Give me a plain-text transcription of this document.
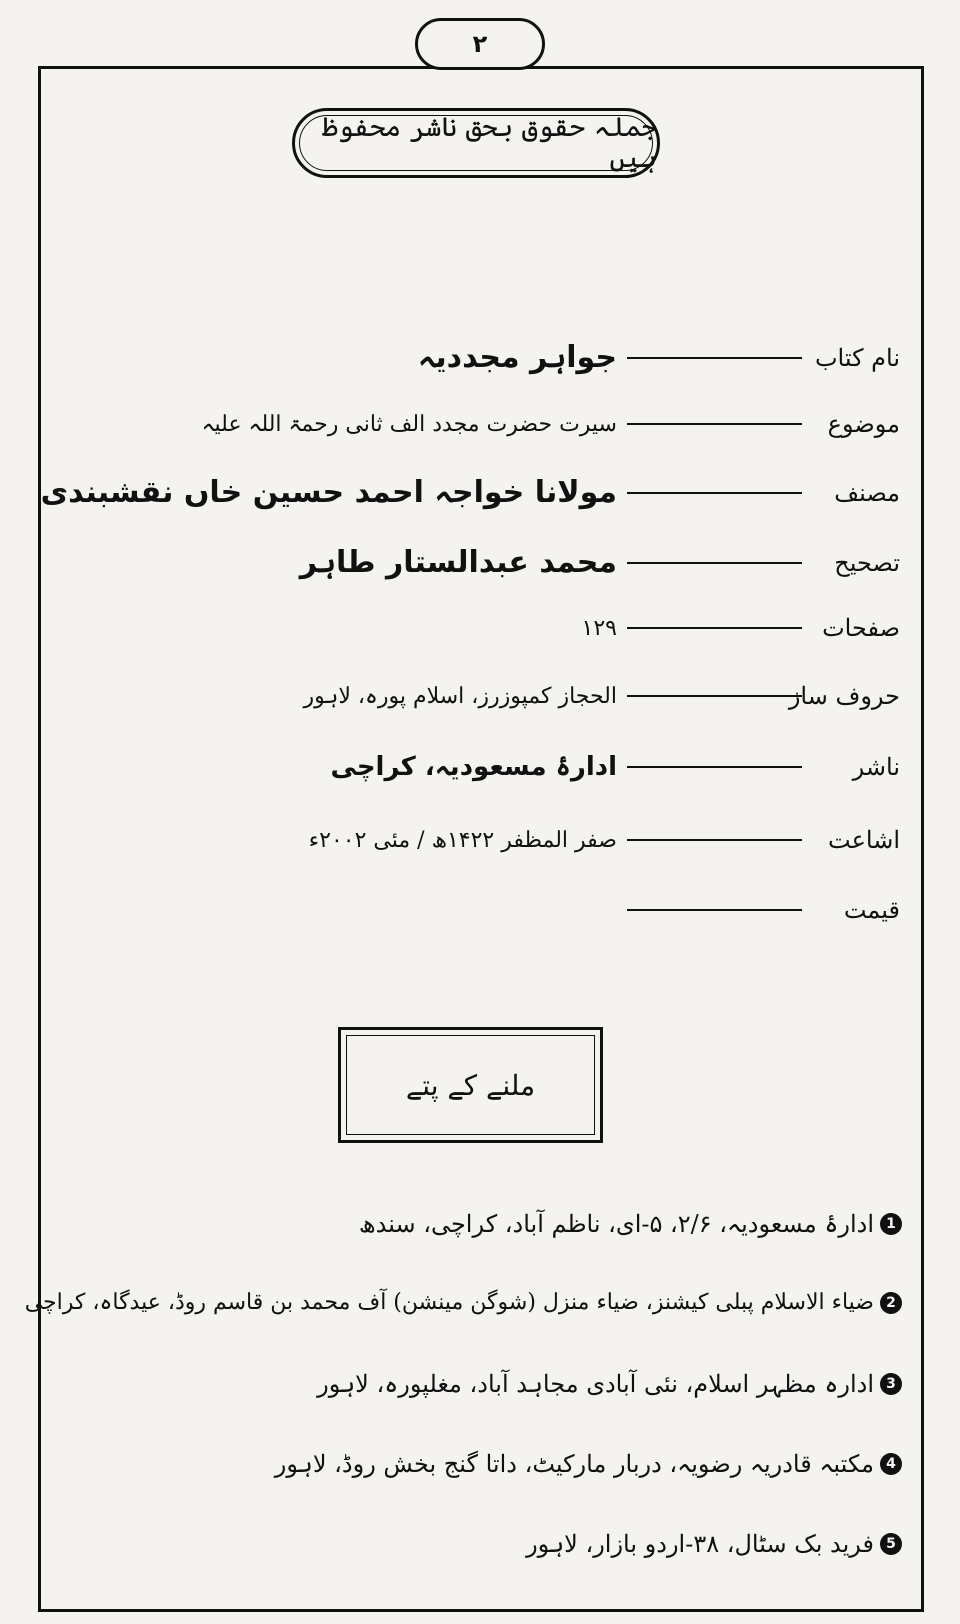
۲
جملہ حقوق بحق ناشر محفوظ ہیں
نام کتاب
جواہر مجددیہ
موضوع
سیرت حضرت مجدد الف ثانی رحمۃ اللہ علیہ
مصنف
مولانا خواجہ احمد حسین خاں نقشبندی
تصحیح
محمد عبدالستار طاہر
صفحات
۱۲۹
حروف ساز
الحجاز کمپوزرز، اسلام پورہ، لاہور
ناشر
ادارۂ مسعودیہ، کراچی
اشاعت
صفر المظفر ۱۴۲۲ھ / مئی ۲۰۰۲ء
قیمت
ملنے کے پتے
1
ادارۂ مسعودیہ، ۲/۶، ۵-ای، ناظم آباد، کراچی، سندھ
2
ضیاء الاسلام پبلی کیشنز، ضیاء منزل (شوگن مینشن) آف محمد بن قاسم روڈ، عیدگاہ، کراچی
3
ادارہ مظہر اسلام، نئی آبادی مجاہد آباد، مغلپورہ، لاہور
4
مکتبہ قادریہ رضویہ، دربار مارکیٹ، داتا گنج بخش روڈ، لاہور
5
فرید بک سٹال، ۳۸-اردو بازار، لاہور
